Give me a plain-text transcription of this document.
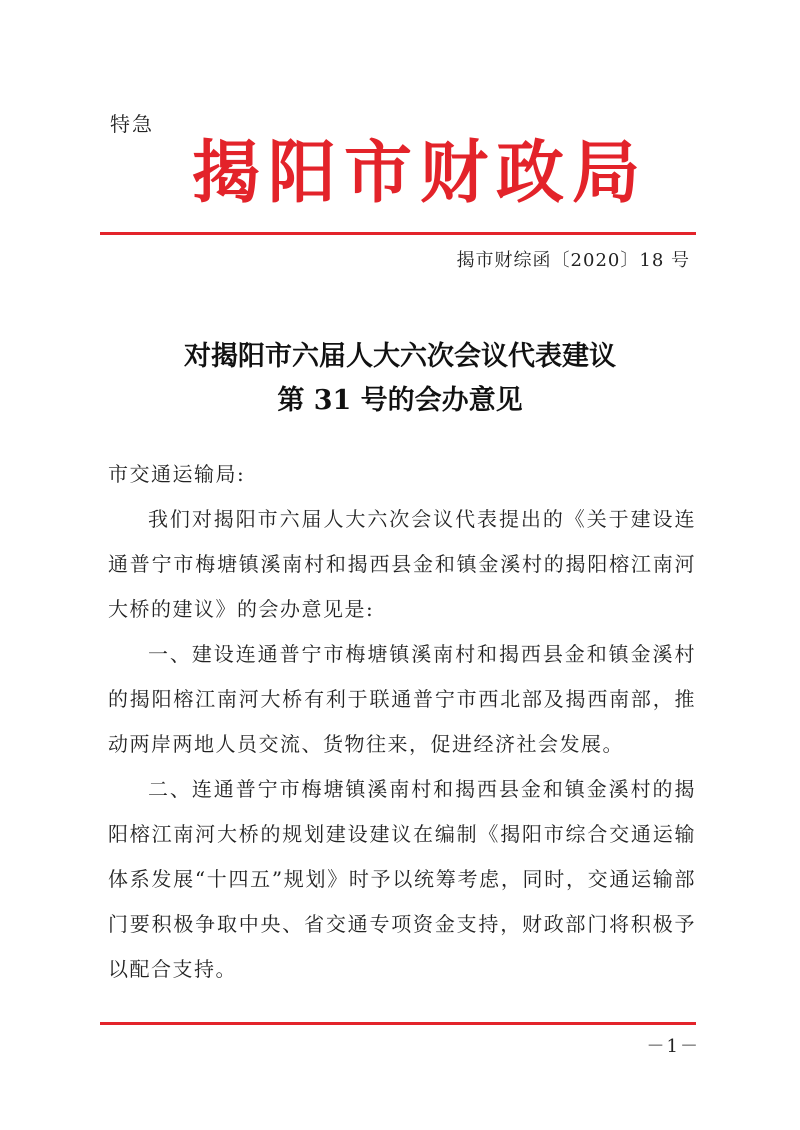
特急
揭阳市财政局
揭市财综函〔2020〕18 号
对揭阳市六届人大六次会议代表建议
第 31 号的会办意见

市交通运输局:

我们对揭阳市六届人大六次会议代表提出的《关于建设连通普宁市梅塘镇溪南村和揭西县金和镇金溪村的揭阳榕江南河大桥的建议》的会办意见是:

一、建设连通普宁市梅塘镇溪南村和揭西县金和镇金溪村的揭阳榕江南河大桥有利于联通普宁市西北部及揭西南部，推动两岸两地人员交流、货物往来，促进经济社会发展。

二、连通普宁市梅塘镇溪南村和揭西县金和镇金溪村的揭阳榕江南河大桥的规划建设建议在编制《揭阳市综合交通运输体系发展“十四五”规划》时予以统筹考虑，同时，交通运输部门要积极争取中央、省交通专项资金支持，财政部门将积极予以配合支持。

－1－
